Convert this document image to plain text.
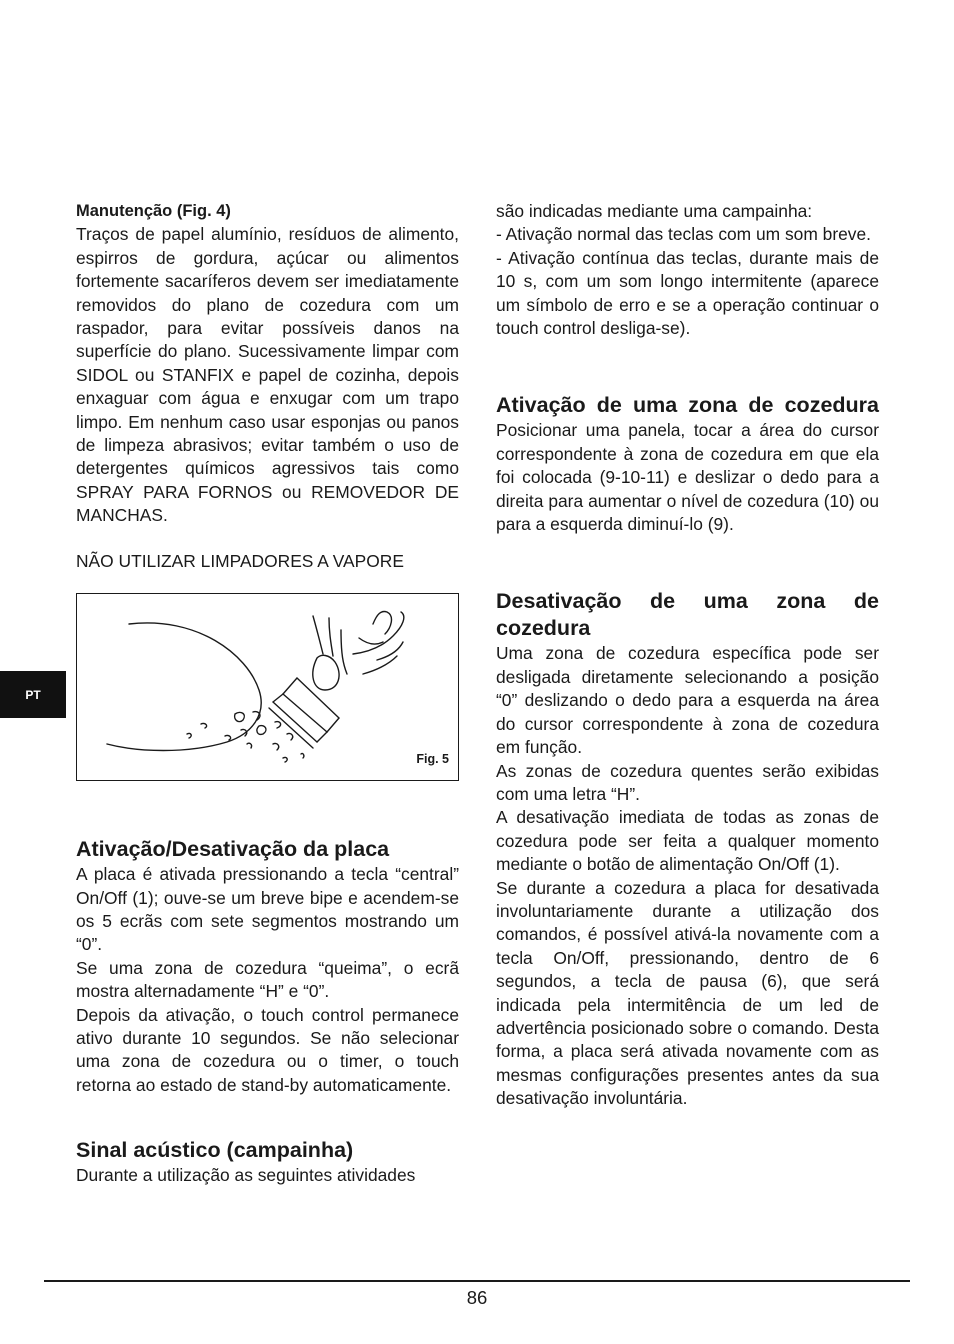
Manutenção (Fig. 4)

Traços de papel alumínio, resíduos de alimento, espirros de gordura, açúcar ou alimentos fortemente sacaríferos devem ser imediatamente removidos do plano de cozedura com um raspador, para evitar possíveis danos na superfície do plano. Sucessivamente limpar com SIDOL ou STANFIX e papel de cozinha, depois enxaguar com água e enxugar com um trapo limpo. Em nenhum caso usar esponjas ou panos de limpeza abrasivos; evitar também o uso de detergentes químicos agressivos tais como SPRAY PARA FORNOS ou REMOVEDOR DE MANCHAS.

NÃO UTILIZAR LIMPADORES A VAPORE

Fig. 5

Ativação/Desativação da placa

A placa é ativada pressionando a tecla “central” On/Off (1); ouve-se um breve bipe e acendem-se os 5 ecrãs com sete segmentos mostrando um “0”.

Se uma zona de cozedura “queima”, o ecrã mostra alternadamente “H” e “0”.

Depois da ativação, o touch control permanece ativo durante 10 segundos. Se não selecionar uma zona de cozedura ou o timer, o touch retorna ao estado de stand-by automaticamente.

Sinal acústico (campainha)

Durante a utilização as seguintes atividades

são indicadas mediante uma campainha:

- Ativação normal das teclas com um som breve.

- Ativação contínua das teclas, durante mais de 10 s, com um som longo intermitente (aparece um símbolo de erro e se a operação continuar o touch control desliga-se).

Ativação de uma zona de cozedura

Posicionar uma panela, tocar a área do cursor correspondente à zona de cozedura em que ela foi colocada (9-10-11) e deslizar o dedo para a direita para aumentar o nível de cozedura (10) ou para a esquerda diminuí-lo (9).

Desativação de uma zona de cozedura

Uma zona de cozedura específica pode ser desligada diretamente selecionando a posição “0” deslizando o dedo para a esquerda na área do cursor correspondente à zona de cozedura em função.

As zonas de cozedura quentes serão exibidas com uma letra “H”.

A desativação imediata de todas as zonas de cozedura pode ser feita a qualquer momento mediante o botão de alimentação On/Off (1).

Se durante a cozedura a placa for desativada involuntariamente durante a utilização dos comandos, é possível ativá-la novamente com a tecla On/Off, pressionando, dentro de 6 segundos, a tecla de pausa (6), que será indicada pela intermitência de um led de advertência posicionado sobre o comando. Desta forma, a placa será ativada novamente com as mesmas configurações presentes antes da sua desativação involuntária.

PT
86
